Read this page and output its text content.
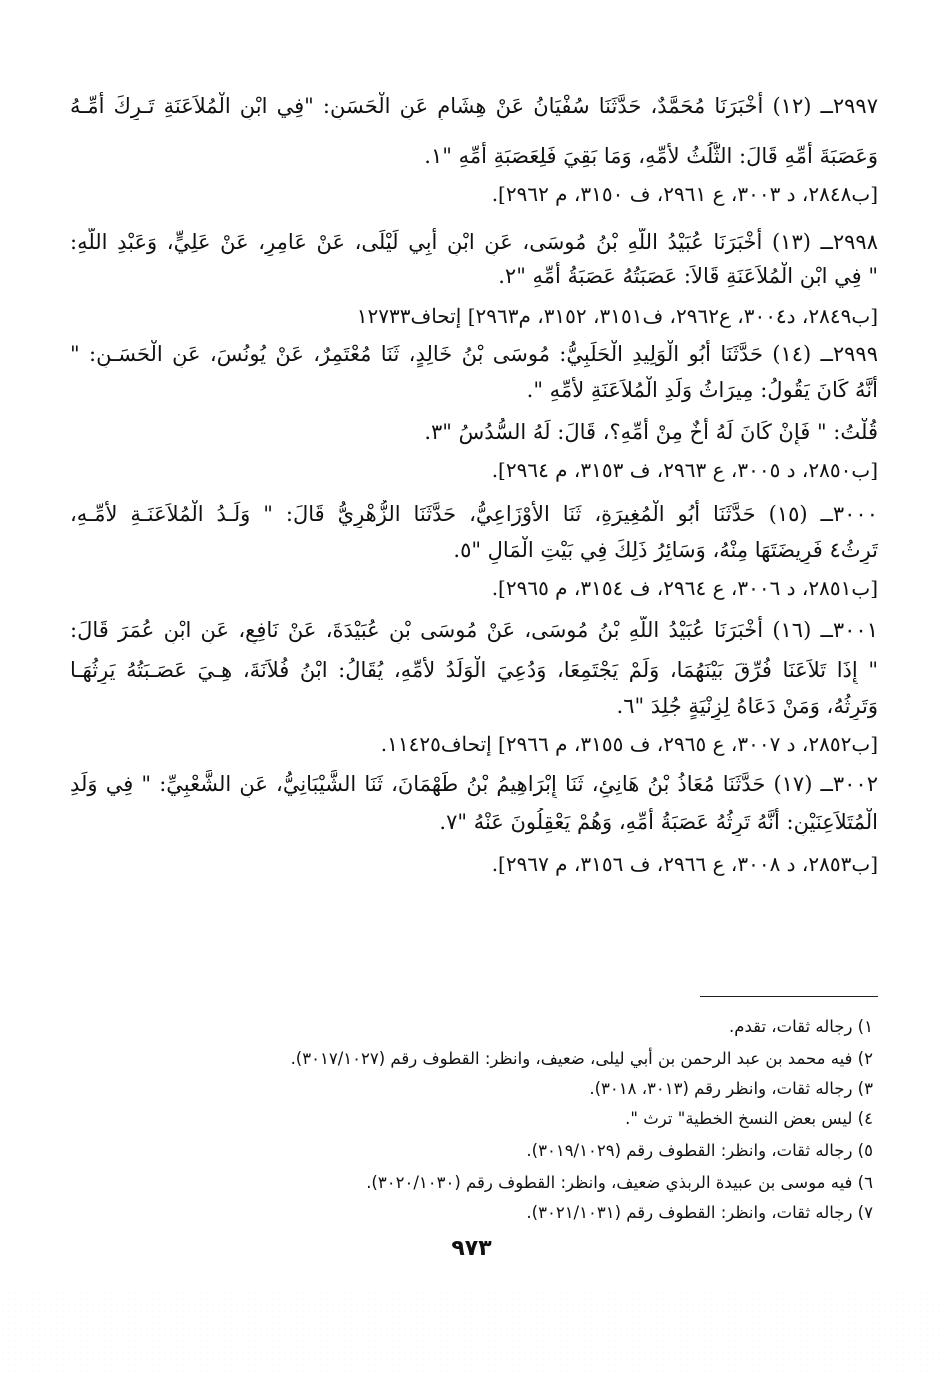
٢٩٩٧ــ (١٢) أَخْبَرَنَا مُحَمَّدٌ، حَدَّثَنَا سُفْيَانُ عَنْ هِشَامٍ عَنِ الْحَسَنِ: "فِي ابْنِ الْمُلاَعَنَةِ تَـرِكَ أُمِّـهُ
وَعَصَبَةَ أُمِّهِ قَالَ: الثُّلُثُ لأُمِّهِ، وَمَا بَقِيَ فَلِعَصَبَةِ أُمِّهِ "١.
[ب٢٨٤٨، د ٣٠٠٣، ع ٢٩٦١، ف ٣١٥٠، م ٢٩٦٢].
٢٩٩٨ــ (١٣) أَخْبَرَنَا عُبَيْدُ اللَّهِ بْنُ مُوسَى، عَنِ ابْنِ أَبِي لَيْلَى، عَنْ عَامِرٍ، عَنْ عَلِيٍّ، وَعَبْدِ اللَّهِ:
" فِي ابْنِ الْمُلاَعَنَةِ قَالاَ: عَصَبَتُهُ عَصَبَةُ أُمِّهِ "٢.
[ب٢٨٤٩، د٣٠٠٤، ع٢٩٦٢، ف٣١٥١، ٣١٥٢، م٢٩٦٣] إتحاف١٢٧٣٣
٢٩٩٩ــ (١٤) حَدَّثَنَا أَبُو الْوَلِيدِ الْحَلَبِيُّ: مُوسَى بْنُ خَالِدٍ، ثَنَا مُعْتَمِرٌ، عَنْ يُونُسَ، عَنِ الْحَسَـنِ: "
أَنَّهُ كَانَ يَقُولُ: مِيرَاثُ وَلَدِ الْمُلاَعَنَةِ لأُمِّهِ ".
قُلْتُ: " فَإِنْ كَانَ لَهُ أَخٌ مِنْ أُمِّهِ؟، قَالَ: لَهُ السُّدُسُ "٣.
[ب٢٨٥٠، د ٣٠٠٥، ع ٢٩٦٣، ف ٣١٥٣، م ٢٩٦٤].
٣٠٠٠ــ (١٥) حَدَّثَنَا أَبُو الْمُغِيرَةِ، ثَنَا الأَوْزَاعِيُّ، حَدَّثَنَا الزُّهْرِيُّ قَالَ: " وَلَـدُ الْمُلاَعَنَـةِ لأُمِّـهِ،
تَرِثُ٤ فَرِيضَتَهَا مِنْهُ، وَسَائِرُ ذَلِكَ فِي بَيْتِ الْمَالِ "٥.
[ب٢٨٥١، د ٣٠٠٦، ع ٢٩٦٤، ف ٣١٥٤، م ٢٩٦٥].
٣٠٠١ــ (١٦) أَخْبَرَنَا عُبَيْدُ اللَّهِ بْنُ مُوسَى، عَنْ مُوسَى بْنِ عُبَيْدَةَ، عَنْ نَافِعٍ، عَنِ ابْنِ عُمَرَ قَالَ:
" إِذَا تَلاَعَنَا فُرِّقَ بَيْنَهُمَا، وَلَمْ يَجْتَمِعَا، وَدُعِيَ الْوَلَدُ لأُمِّهِ، يُقَالُ: ابْنُ فُلاَنَةَ، هِـيَ عَصَـبَتُهُ يَرِثُهَـا
وَتَرِثُهُ، وَمَنْ دَعَاهُ لِزِنْيَةٍ جُلِدَ "٦.
[ب٢٨٥٢، د ٣٠٠٧، ع ٢٩٦٥، ف ٣١٥٥، م ٢٩٦٦] إتحاف١١٤٢٥.
٣٠٠٢ــ (١٧) حَدَّثَنَا مُعَاذُ بْنُ هَانِئٍ، ثَنَا إِبْرَاهِيمُ بْنُ طَهْمَانَ، ثَنَا الشَّيْبَانِيُّ، عَنِ الشَّعْبِيِّ: " فِي وَلَدِ
الْمُتَلاَعِنَيْنِ: أَنَّهُ تَرِثُهُ عَصَبَةُ أُمِّهِ، وَهُمْ يَعْقِلُونَ عَنْهُ "٧.
[ب٢٨٥٣، د ٣٠٠٨، ع ٢٩٦٦، ف ٣١٥٦، م ٢٩٦٧].
١) رجاله ثقات، تقدم.
٢) فيه محمد بن عبد الرحمن بن أبي ليلى، ضعيف، وانظر: القطوف رقم (٣٠١٧/١٠٢٧).
٣) رجاله ثقات، وانظر رقم (٣٠١٣، ٣٠١٨).
٤) ليس بعض النسخ الخطية" ترث ".
٥) رجاله ثقات، وانظر: القطوف رقم (٣٠١٩/١٠٢٩).
٦) فيه موسى بن عبيدة الربذي ضعيف، وانظر: القطوف رقم (٣٠٢٠/١٠٣٠).
٧) رجاله ثقات، وانظر: القطوف رقم (٣٠٢١/١٠٣١).
٩٧٣
